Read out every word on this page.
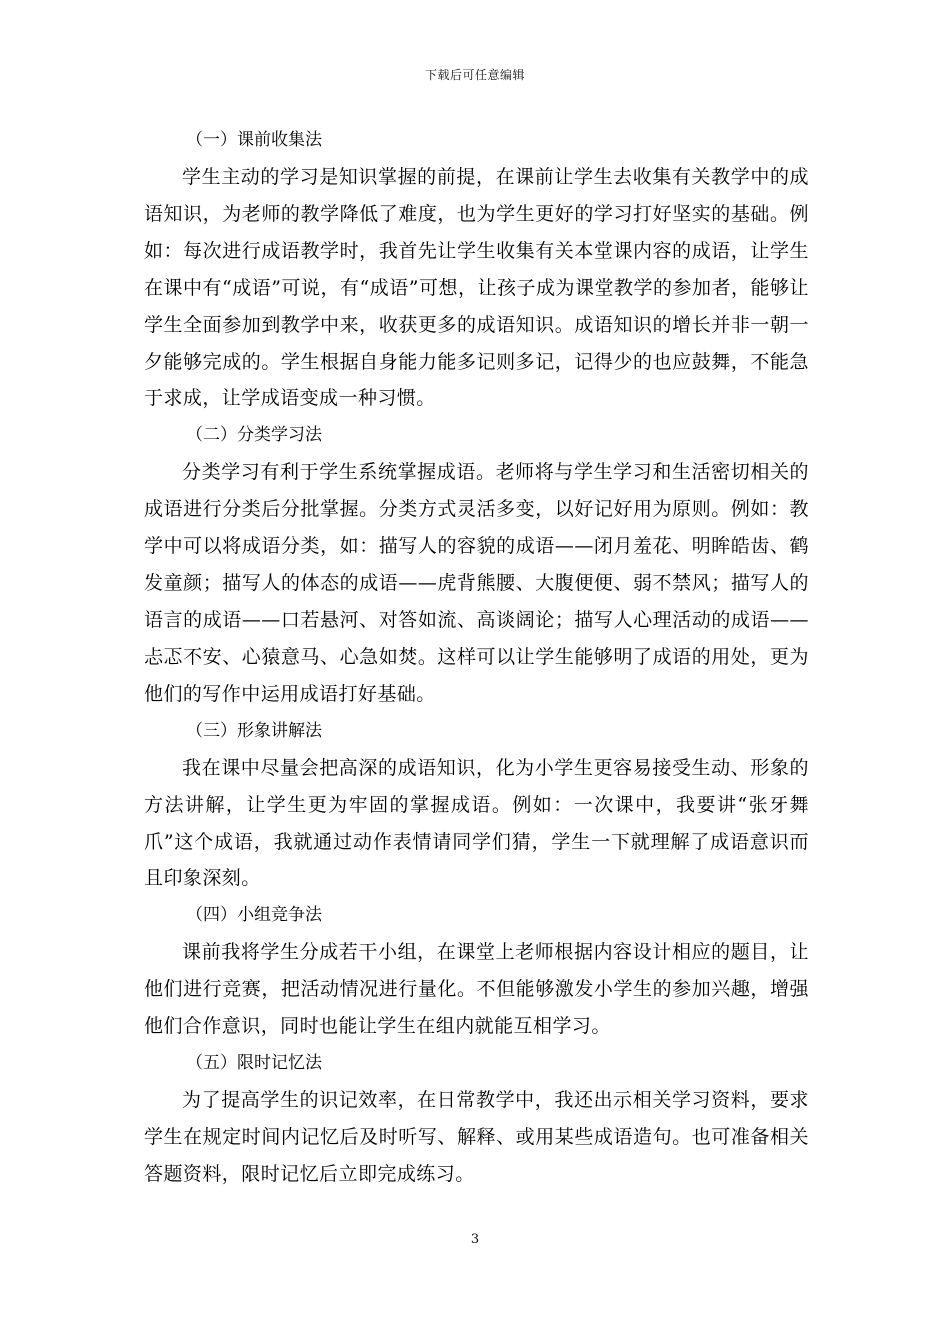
下载后可任意编辑
（一）课前收集法

学生主动的学习是知识掌握的前提，在课前让学生去收集有关教学中的成语知识，为老师的教学降低了难度，也为学生更好的学习打好坚实的基础。例如：每次进行成语教学时，我首先让学生收集有关本堂课内容的成语，让学生在课中有“成语”可说，有“成语”可想，让孩子成为课堂教学的参加者，能够让学生全面参加到教学中来，收获更多的成语知识。成语知识的增长并非一朝一夕能够完成的。学生根据自身能力能多记则多记，记得少的也应鼓舞，不能急于求成，让学成语变成一种习惯。

（二）分类学习法

分类学习有利于学生系统掌握成语。老师将与学生学习和生活密切相关的成语进行分类后分批掌握。分类方式灵活多变，以好记好用为原则。例如：教学中可以将成语分类，如：描写人的容貌的成语——闭月羞花、明眸皓齿、鹤发童颜；描写人的体态的成语——虎背熊腰、大腹便便、弱不禁风；描写人的语言的成语——口若悬河、对答如流、高谈阔论；描写人心理活动的成语——忐忑不安、心猿意马、心急如焚。这样可以让学生能够明了成语的用处，更为他们的写作中运用成语打好基础。

（三）形象讲解法

我在课中尽量会把高深的成语知识，化为小学生更容易接受生动、形象的方法讲解，让学生更为牢固的掌握成语。例如：一次课中，我要讲“张牙舞爪”这个成语，我就通过动作表情请同学们猜，学生一下就理解了成语意识而且印象深刻。

（四）小组竞争法

课前我将学生分成若干小组，在课堂上老师根据内容设计相应的题目，让他们进行竞赛，把活动情况进行量化。不但能够激发小学生的参加兴趣，增强他们合作意识，同时也能让学生在组内就能互相学习。

（五）限时记忆法

为了提高学生的识记效率，在日常教学中，我还出示相关学习资料，要求学生在规定时间内记忆后及时听写、解释、或用某些成语造句。也可准备相关答题资料，限时记忆后立即完成练习。

3
